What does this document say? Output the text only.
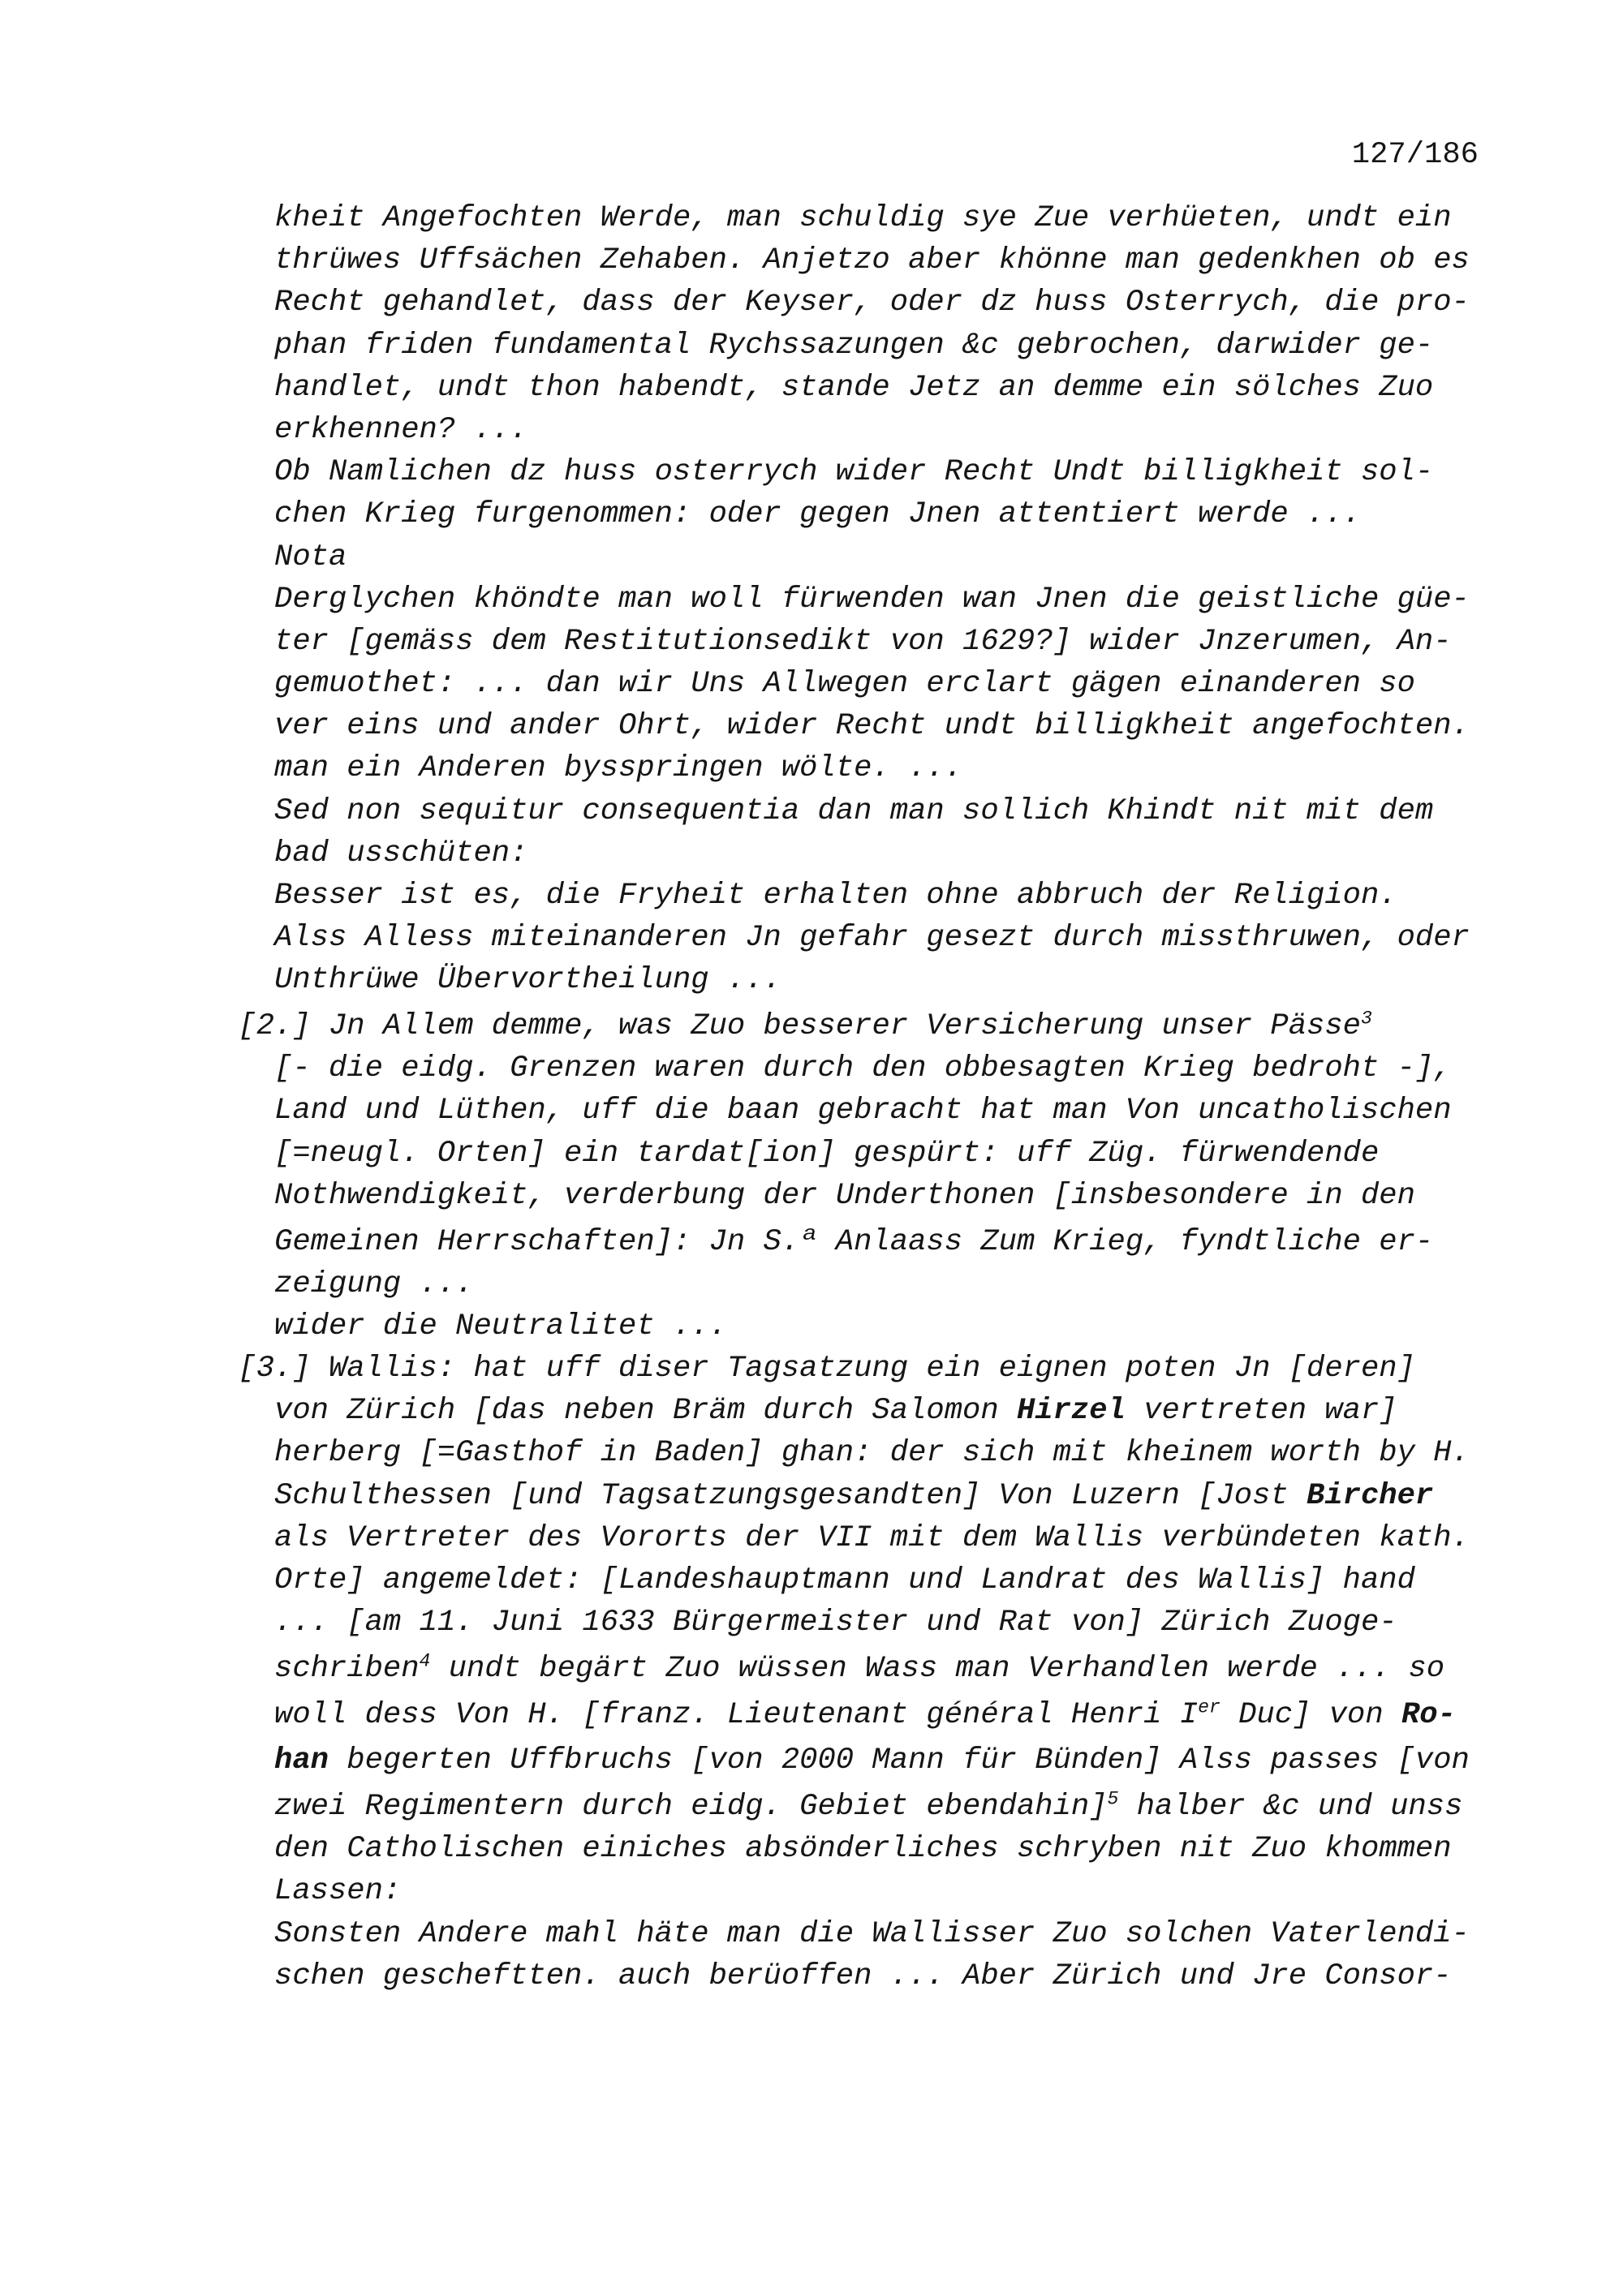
127/186
kheit Angefochten Werde, man schuldig sye Zue verhüeten, undt ein
thrüwes Uffsächen Zehaben. Anjetzo aber khönne man gedenkhen ob es
Recht gehandlet, dass der Keyser, oder dz huss Osterrych, die pro-
phan friden fundamental Rychssazungen &c gebrochen, darwider ge-
handlet, undt thon habendt, stande Jetz an demme ein sölches Zuo
erkhennen? ...
Ob Namlichen dz huss osterrych wider Recht Undt billigkheit sol-
chen Krieg furgenommen: oder gegen Jnen attentiert werde ...
Nota
Derglychen khöndte man woll fürwenden wan Jnen die geistliche güe-
ter [gemäss dem Restitutionsedikt von 1629?] wider Jnzerumen, An-
gemuothet: ... dan wir Uns Allwegen erclart gägen einanderen so
ver eins und ander Ohrt, wider Recht undt billigkheit angefochten.
man ein Anderen bysspringen wölte. ...
Sed non sequitur consequentia dan man sollich Khindt nit mit dem
bad usschüten:
Besser ist es, die Fryheit erhalten ohne abbruch der Religion.
Alss Alless miteinanderen Jn gefahr gesezt durch missthruwen, oder
Unthrüwe Übervortheilung ...
[2.] Jn Allem demme, was Zuo besserer Versicherung unser Pässe$^3$
[- die eidg. Grenzen waren durch den obbesagten Krieg bedroht -],
Land und Lüthen, uff die baan gebracht hat man Von uncatholischen
[=neugl. Orten] ein tardat[ion] gespürt: uff Züg. fürwendende
Nothwendigkeit, verderbung der Underthonen [insbesondere in den
Gemeinen Herrschaften]: Jn S.ª Anlaass Zum Krieg, fyndtliche er-
zeigung ...
wider die Neutralitet ...
[3.] Wallis: hat uff diser Tagsatzung ein eignen poten Jn [deren]
von Zürich [das neben Bräm durch Salomon Hirzel vertreten war]
herberg [=Gasthof in Baden] ghan: der sich mit kheinem worth by H.
Schulthessen [und Tagsatzungsgesandten] Von Luzern [Jost Bircher
als Vertreter des Vororts der VII mit dem Wallis verbündeten kath.
Orte] angemeldet: [Landeshauptmann und Landrat des Wallis] hand
... [am 11. Juni 1633 Bürgermeister und Rat von] Zürich Zuoge-
schriben$^4$ undt begärt Zuo wüssen Wass man Verhandlen werde ... so
woll dess Von H. [franz. Lieutenant général Henri Ier Duc] von Ro-
han begerten Uffbruchs [von 2000 Mann für Bünden] Alss passes [von
zwei Regimentern durch eidg. Gebiet ebendahin]$^5$ halber &c und unss
den Catholischen einiches absönderliches schryben nit Zuo khommen
Lassen:
Sonsten Andere mahl häte man die Wallisser Zuo solchen Vaterlendi-
schen gescheftten. auch berüoffen ... Aber Zürich und Jre Consor-
